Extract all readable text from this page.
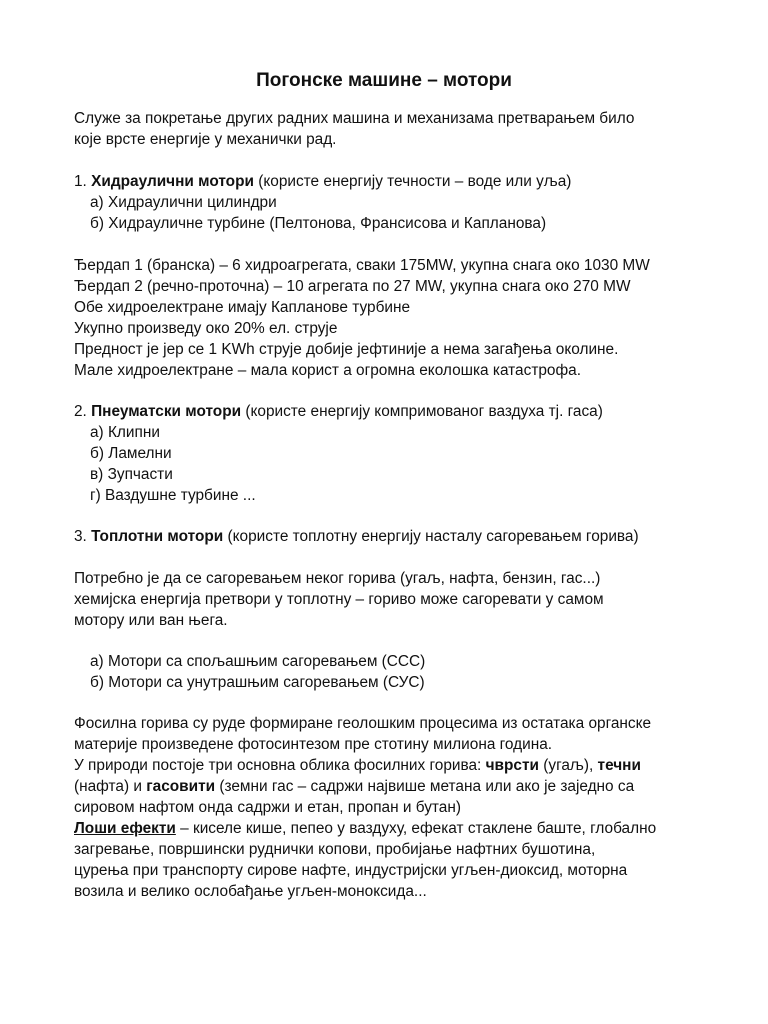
Погонске машине – мотори
Служе за покретање других радних машина и механизама претварањем било
које врсте енергије у механички рад.
1. Хидраулични мотори (користе енергију течности – воде или уља)
а) Хидраулични цилиндри
б) Хидрауличне турбине (Пелтонова, Франсисова и Капланова)
Ђердап 1 (бранска) – 6 хидроагрегата, сваки 175MW, укупна снага око 1030 MW
Ђердап 2 (речно-проточна) – 10 агрегата по 27 MW, укупна снага око 270 MW
Обе хидроелектране имају Капланове турбине
Укупно произведу око 20% ел. струје
Предност је јер се 1 KWh струје добије јефтиније а нема загађења околине.
Мале хидроелектране – мала корист а огромна еколошка катастрофа.
2. Пнеуматски мотори (користе енергију компримованог ваздуха тј. гаса)
а) Клипни
б) Ламелни
в) Зупчасти
г) Ваздушне турбине ...
3. Топлотни мотори (користе топлотну енергију насталу сагоревањем горива)
Потребно је да се сагоревањем неког горива (угаљ, нафта, бензин, гас...)
хемијска енергија претвори у топлотну – гориво може сагоревати у самом
мотору или ван њега.
а) Мотори са спољашњим сагоревањем (ССС)
б) Мотори са унутрашњим сагоревањем (СУС)
Фосилна горива су руде формиране геолошким процесима из остатака органске
материје произведене фотосинтезом пре стотину милиона година.
У природи постоје три основна облика фосилних горива: чврсти (угаљ), течни
(нафта) и гасовити (земни гас – садржи највише метана или ако је заједно са
сировом нафтом онда садржи и етан, пропан и бутан)
Лоши ефекти – киселе кише, пепео у ваздуху, ефекат стаклене баште, глобално
загревање, површински руднички копови, пробијање нафтних бушотина,
цурења при транспорту сирове нафте, индустријски угљен-диоксид, моторна
возила и велико ослобађање угљен-моноксида...
